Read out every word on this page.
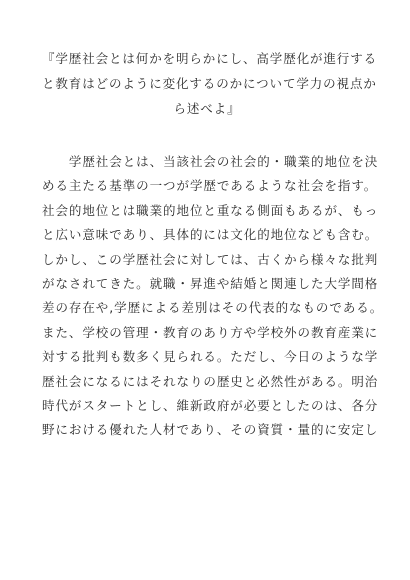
『学歴社会とは何かを明らかにし、高学歴化が進行する
と教育はどのように変化するのかについて学力の視点か
ら述べよ』
　　学歴社会とは、当該社会の社会的・職業的地位を決
める主たる基準の一つが学歴であるような社会を指す。
社会的地位とは職業的地位と重なる側面もあるが、もっ
と広い意味であり、具体的には文化的地位なども含む。
しかし、この学歴社会に対しては、古くから様々な批判
がなされてきた。就職・昇進や結婚と関連した大学間格
差の存在や,学歴による差別はその代表的なものである。
また、学校の管理・教育のあり方や学校外の教育産業に
対する批判も数多く見られる。ただし、今日のような学
歴社会になるにはそれなりの歴史と必然性がある。明治
時代がスタートとし、維新政府が必要としたのは、各分
野における優れた人材であり、その資質・量的に安定し
